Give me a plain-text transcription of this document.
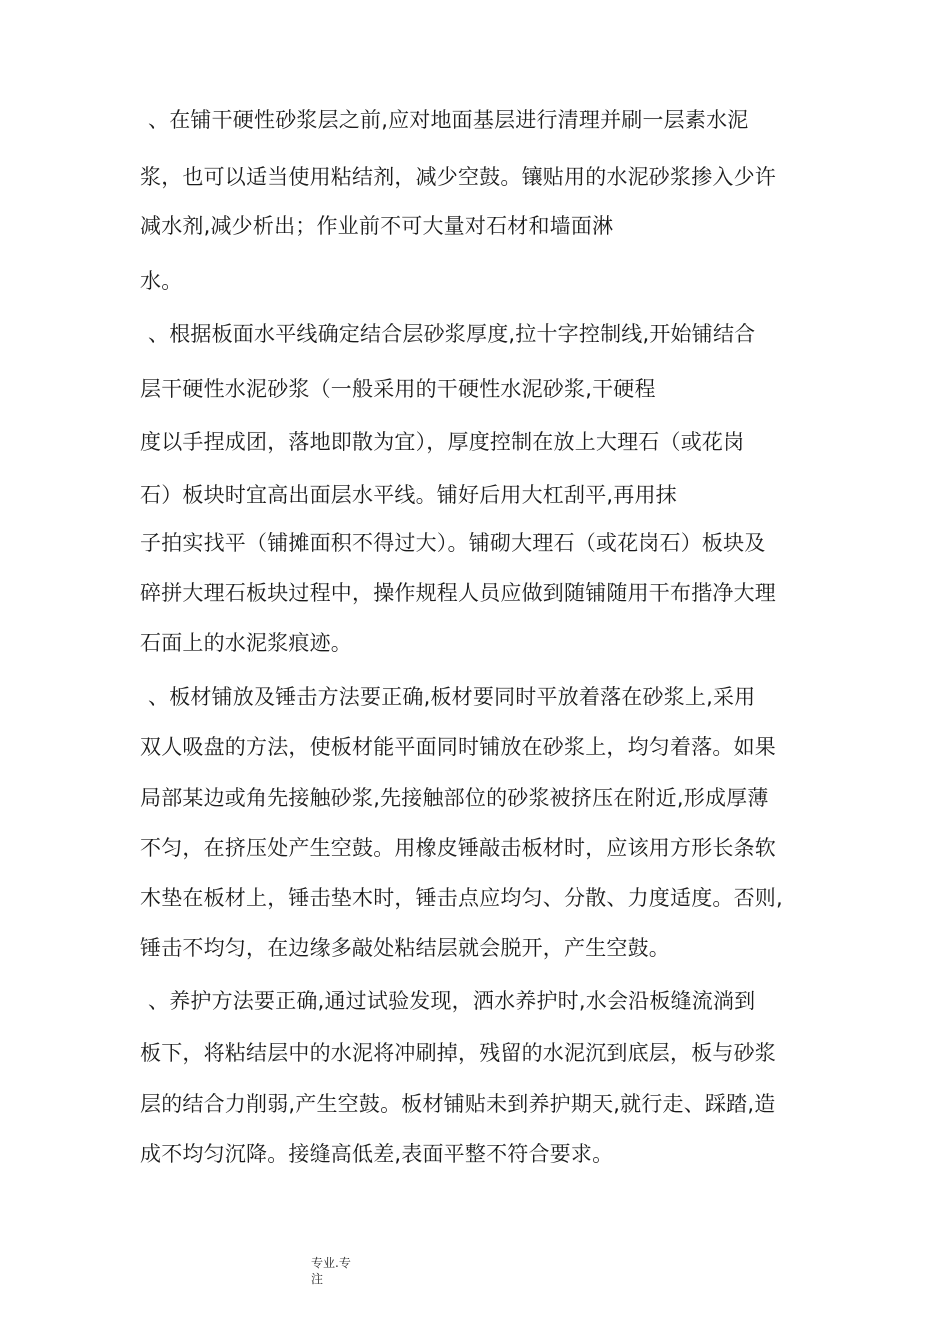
、在铺干硬性砂浆层之前,应对地面基层进行清理并刷一层素水泥
浆，也可以适当使用粘结剂，减少空鼓。镶贴用的水泥砂浆掺入少许
减水剂,减少析出；作业前不可大量对石材和墙面淋
水。
、根据板面水平线确定结合层砂浆厚度,拉十字控制线,开始铺结合
层干硬性水泥砂浆（一般采用的干硬性水泥砂浆,干硬程
度以手捏成团，落地即散为宜），厚度控制在放上大理石（或花岗
石）板块时宜高出面层水平线。铺好后用大杠刮平,再用抹
子拍实找平（铺摊面积不得过大）。铺砌大理石（或花岗石）板块及
碎拼大理石板块过程中，操作规程人员应做到随铺随用干布揩净大理
石面上的水泥浆痕迹。
、板材铺放及锤击方法要正确,板材要同时平放着落在砂浆上,采用
双人吸盘的方法，使板材能平面同时铺放在砂浆上，均匀着落。如果
局部某边或角先接触砂浆,先接触部位的砂浆被挤压在附近,形成厚薄
不匀，在挤压处产生空鼓。用橡皮锤敲击板材时，应该用方形长条软
木垫在板材上，锤击垫木时，锤击点应均匀、分散、力度适度。否则,
锤击不均匀，在边缘多敲处粘结层就会脱开，产生空鼓。
、养护方法要正确,通过试验发现，洒水养护时,水会沿板缝流淌到
板下，将粘结层中的水泥将冲刷掉，残留的水泥沉到底层，板与砂浆
层的结合力削弱,产生空鼓。板材铺贴未到养护期天,就行走、踩踏,造
成不均匀沉降。接缝高低差,表面平整不符合要求。
专业.专
注
